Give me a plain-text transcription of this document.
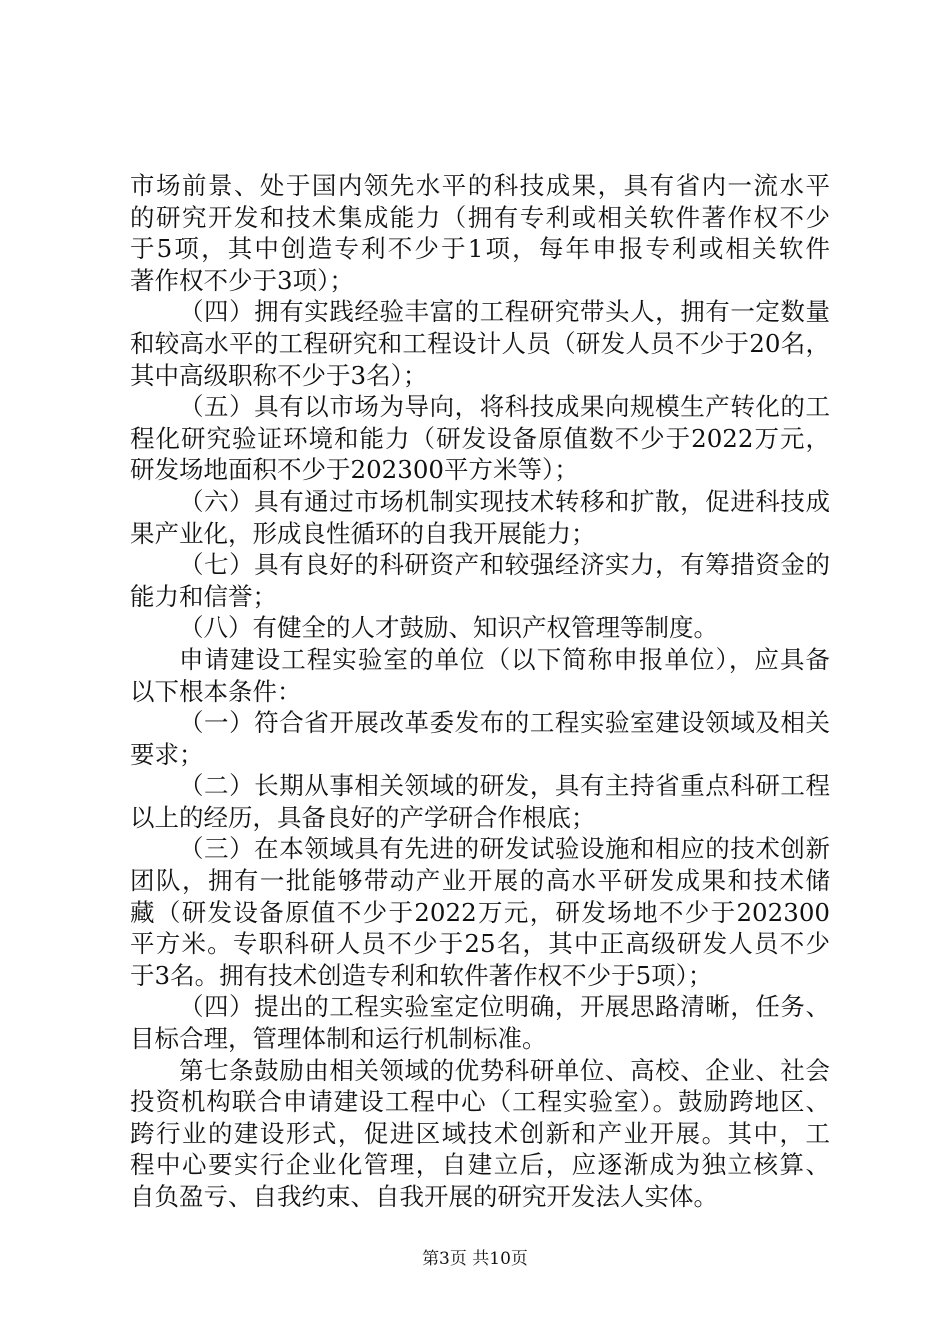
市场前景、处于国内领先水平的科技成果，具有省内一流水平
的研究开发和技术集成能力（拥有专利或相关软件著作权不少
于5项，其中创造专利不少于1项，每年申报专利或相关软件
著作权不少于3项）；
（四）拥有实践经验丰富的工程研究带头人，拥有一定数量
和较高水平的工程研究和工程设计人员（研发人员不少于20名，
其中高级职称不少于3名）；
（五）具有以市场为导向，将科技成果向规模生产转化的工
程化研究验证环境和能力（研发设备原值数不少于2022万元，
研发场地面积不少于202300平方米等）；
（六）具有通过市场机制实现技术转移和扩散，促进科技成
果产业化，形成良性循环的自我开展能力；
（七）具有良好的科研资产和较强经济实力，有筹措资金的
能力和信誉；
（八）有健全的人才鼓励、知识产权管理等制度。
申请建设工程实验室的单位（以下简称申报单位），应具备
以下根本条件：
（一）符合省开展改革委发布的工程实验室建设领域及相关
要求；
（二）长期从事相关领域的研发，具有主持省重点科研工程
以上的经历，具备良好的产学研合作根底；
（三）在本领域具有先进的研发试验设施和相应的技术创新
团队，拥有一批能够带动产业开展的高水平研发成果和技术储
藏（研发设备原值不少于2022万元，研发场地不少于202300
平方米。专职科研人员不少于25名，其中正高级研发人员不少
于3名。拥有技术创造专利和软件著作权不少于5项）；
（四）提出的工程实验室定位明确，开展思路清晰，任务、
目标合理，管理体制和运行机制标准。
第七条鼓励由相关领域的优势科研单位、高校、企业、社会
投资机构联合申请建设工程中心（工程实验室）。鼓励跨地区、
跨行业的建设形式，促进区域技术创新和产业开展。其中，工
程中心要实行企业化管理，自建立后，应逐渐成为独立核算、
自负盈亏、自我约束、自我开展的研究开发法人实体。
第3页 共10页
